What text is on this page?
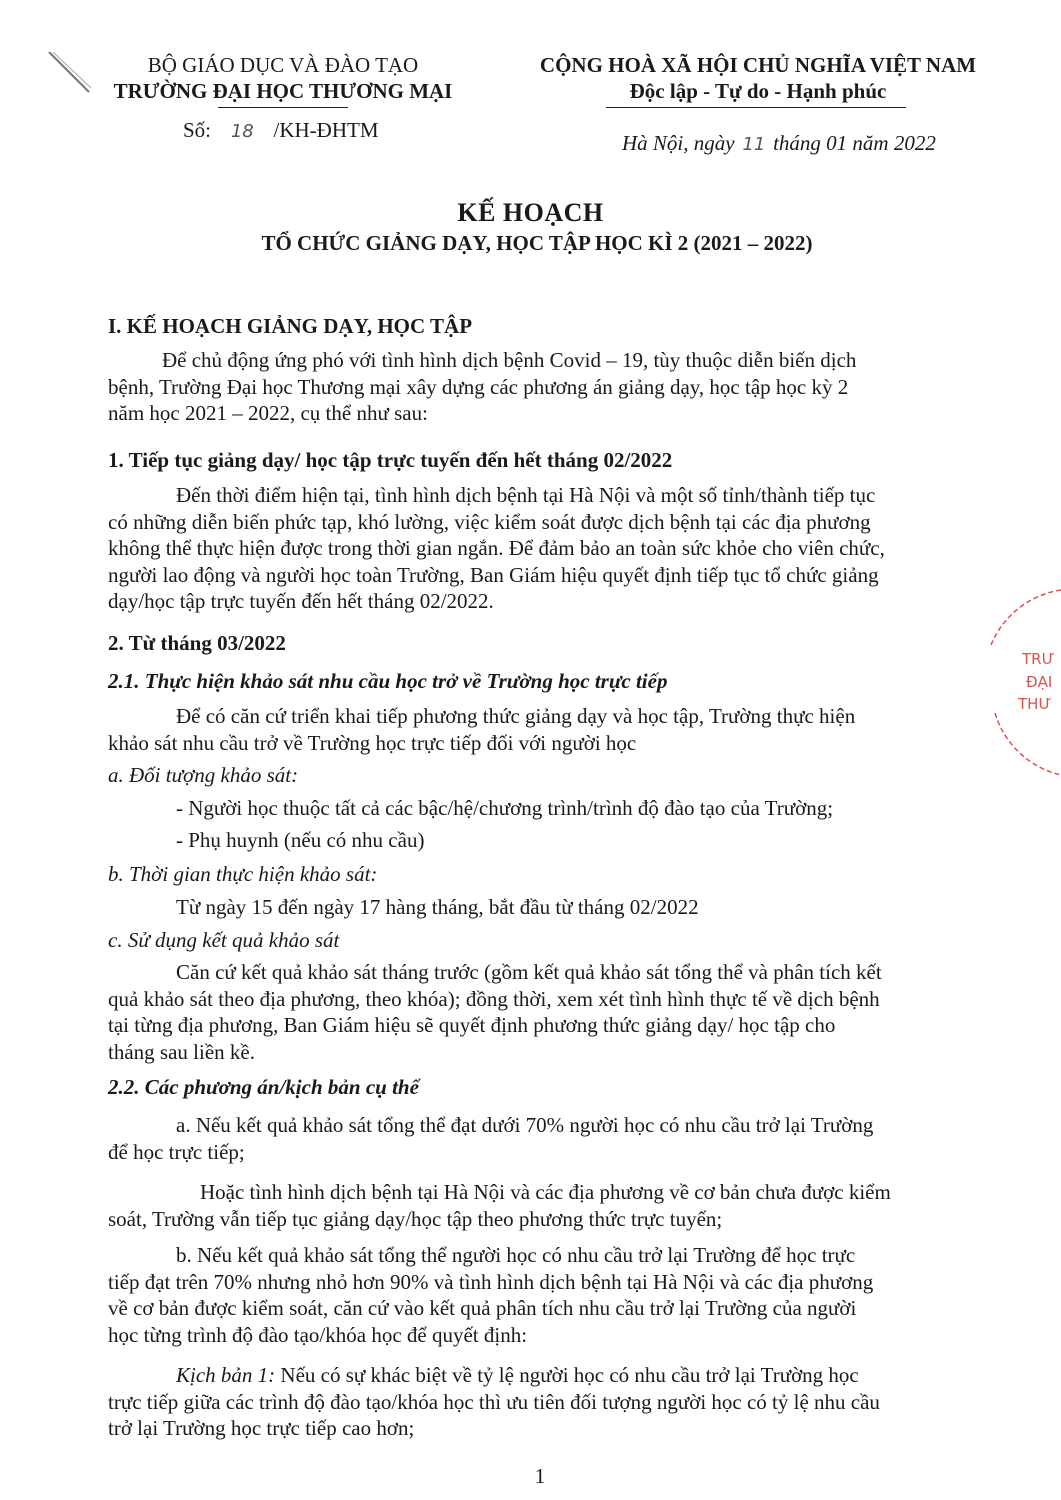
BỘ GIÁO DỤC VÀ ĐÀO TẠO
TRƯỜNG ĐẠI HỌC THƯƠNG MẠI
Số: 18 /KH-ĐHTM
CỘNG HOÀ XÃ HỘI CHỦ NGHĨA VIỆT NAM
Độc lập - Tự do - Hạnh phúc
Hà Nội, ngày 11 tháng 01 năm 2022
KẾ HOẠCH
TỔ CHỨC GIẢNG DẠY, HỌC TẬP HỌC KÌ 2 (2021 – 2022)
I. KẾ HOẠCH GIẢNG DẠY, HỌC TẬP
Để chủ động ứng phó với tình hình dịch bệnh Covid – 19, tùy thuộc diễn biến dịch
bệnh, Trường Đại học Thương mại xây dựng các phương án giảng dạy, học tập học kỳ 2
năm học 2021 – 2022, cụ thể như sau:
1. Tiếp tục giảng dạy/ học tập trực tuyến đến hết tháng 02/2022
Đến thời điểm hiện tại, tình hình dịch bệnh tại Hà Nội và một số tỉnh/thành tiếp tục
có những diễn biến phức tạp, khó lường, việc kiểm soát được dịch bệnh tại các địa phương
không thể thực hiện được trong thời gian ngắn. Để đảm bảo an toàn sức khỏe cho viên chức,
người lao động và người học toàn Trường, Ban Giám hiệu quyết định tiếp tục tổ chức giảng
dạy/học tập trực tuyến đến hết tháng 02/2022.
2. Từ tháng 03/2022
2.1. Thực hiện khảo sát nhu cầu học trở về Trường học trực tiếp
Để có căn cứ triển khai tiếp phương thức giảng dạy và học tập, Trường thực hiện
khảo sát nhu cầu trở về Trường học trực tiếp đối với người học
a. Đối tượng khảo sát:
- Người học thuộc tất cả các bậc/hệ/chương trình/trình độ đào tạo của Trường;
- Phụ huynh (nếu có nhu cầu)
b. Thời gian thực hiện khảo sát:
Từ ngày 15 đến ngày 17 hàng tháng, bắt đầu từ tháng 02/2022
c. Sử dụng kết quả khảo sát
Căn cứ kết quả khảo sát tháng trước (gồm kết quả khảo sát tổng thể và phân tích kết
quả khảo sát theo địa phương, theo khóa); đồng thời, xem xét tình hình thực tế về dịch bệnh
tại từng địa phương, Ban Giám hiệu sẽ quyết định phương thức giảng dạy/ học tập cho
tháng sau liền kề.
2.2. Các phương án/kịch bản cụ thể
a. Nếu kết quả khảo sát tổng thể đạt dưới 70% người học có nhu cầu trở lại Trường
để học trực tiếp;
Hoặc tình hình dịch bệnh tại Hà Nội và các địa phương về cơ bản chưa được kiểm
soát, Trường vẫn tiếp tục giảng dạy/học tập theo phương thức trực tuyến;
b. Nếu kết quả khảo sát tổng thể người học có nhu cầu trở lại Trường để học trực
tiếp đạt trên 70% nhưng nhỏ hơn 90% và tình hình dịch bệnh tại Hà Nội và các địa phương
về cơ bản được kiểm soát, căn cứ vào kết quả phân tích nhu cầu trở lại Trường của người
học từng trình độ đào tạo/khóa học để quyết định:
Kịch bản 1: Nếu có sự khác biệt về tỷ lệ người học có nhu cầu trở lại Trường học
trực tiếp giữa các trình độ đào tạo/khóa học thì ưu tiên đối tượng người học có tỷ lệ nhu cầu
trở lại Trường học trực tiếp cao hơn;
TRƯ
ĐẠI
THƯ
1
